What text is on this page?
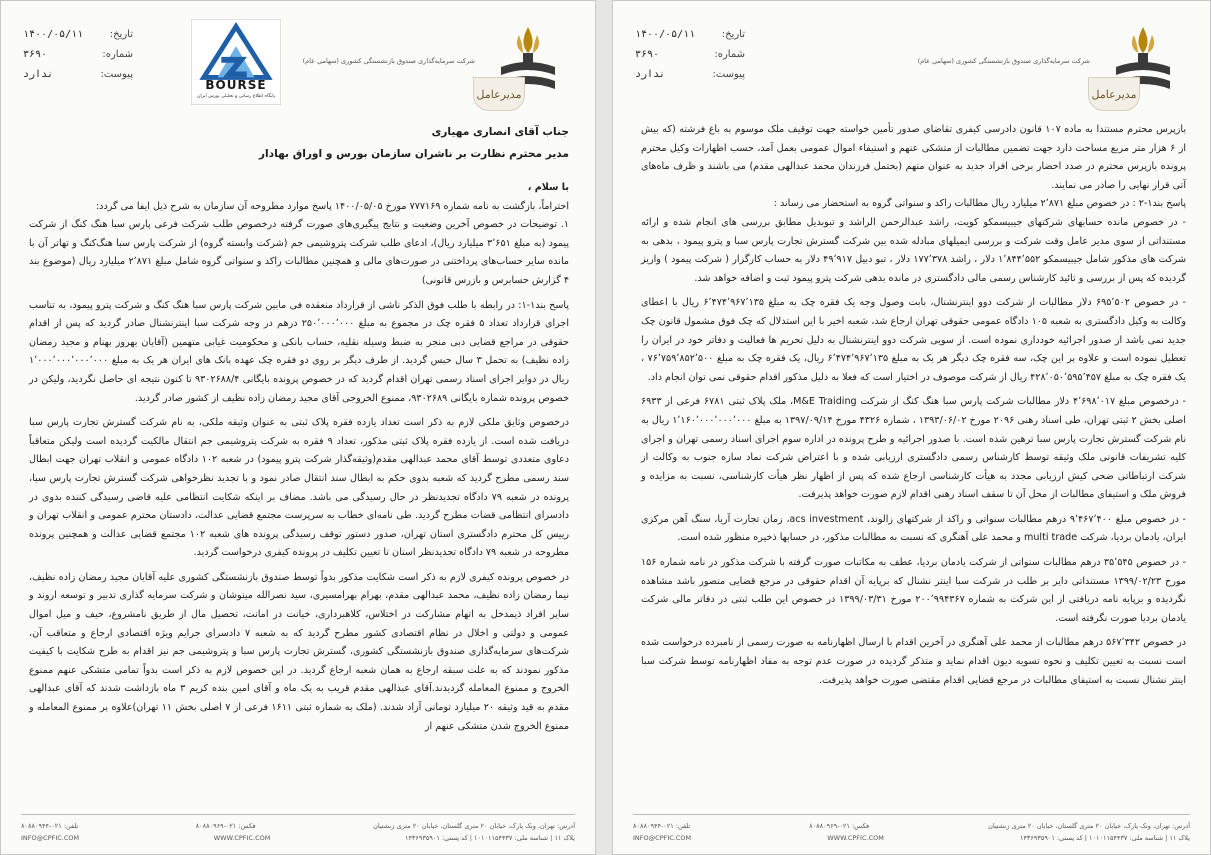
تاریخ:
۱۴۰۰/۰۵/۱۱
شماره:
۳۶۹۰
پیوست:
ندارد
BOURSE
پایگاه اطلاع رسانی و تحلیلی بورس ایران
شرکت سرمایه‌گذاری صندوق بازنشستگی کشوری (سهامی عام)
مدیرعامل

جناب آقای انصاری مهیاری

مدیر محترم نظارت بر ناشران سازمان بورس و اوراق بهادار

با سلام ،

احتراماً، بازگشت به نامه شماره ۷۷۷۱۶۹ مورخ ۱۴۰۰/۰۵/۰۵ پاسخ موارد مطروحه آن سازمان به شرح ذیل ایفا می گردد:

۱. توضیحات در خصوص آخرین وضعیت و نتایج پیگیری‌های صورت گرفته درخصوص طلب شرکت فرعی پارس سبا هنگ کنگ از شرکت پیمود (به مبلغ ۳٬۶۵۱ میلیارد ریال)، ادعای طلب شرکت پتروشیمی جم (شرکت وابسته گروه) از شرکت پارس سبا هنگ‌کنگ و تهاتر آن با مانده سایر حساب‌های پرداختنی در صورت‌های مالی و همچنین مطالبات راکد و سنواتی گروه شامل مبلغ ۲٬۸۷۱ میلیارد ریال (موضوع بند ۴ گزارش حسابرس و بازرس قانونی)

پاسخ بند۱-۱: در رابطه با طلب فوق الذکر ناشی از قرارداد منعقده فی مابین شرکت پارس سبا هنگ کنگ و شرکت پترو پیمود، به تناسب اجرای قرارداد تعداد ۵ فقره چک در مجموع به مبلغ ۲۵۰٬۰۰۰٬۰۰۰ درهم در وجه شرکت سبا اینترنشنال صادر گردید که پس از اقدام حقوقی در مراجع قضایی دبی منجر به ضبط وسیله نقلیه، حساب بانکی و محکومیت غیابی متهمین (آقایان بهروز بهنام و مجید رمضان زاده نظیف) به تحمل ۳ سال حبس گردید. از طرف دیگر بر روی دو فقره چک عهده بانک های ایران هر یک به مبلغ ۱٬۰۰۰٬۰۰۰٬۰۰۰٬۰۰۰ ریال در دوایر اجرای اسناد رسمی تهران اقدام گردید که در خصوص پرونده بایگانی ۹۳۰۲۶۸۸/۴ تا کنون نتیجه ای حاصل نگردید، ولیکن در خصوص پرونده شماره بایگانی ۹۳۰۲۶۸۹، ممنوع الخروجی آقای مجید رمضان زاده نظیف از کشور صادر گردید.

درخصوص وثایق ملکی لازم به ذکر است تعداد یازده فقره پلاک ثبتی به عنوان وثیقه ملکی، به نام شرکت گسترش تجارت پارس سبا دریافت شده است. از یازده فقره پلاک ثبتی مذکور، تعداد ۹ فقره به شرکت پتروشیمی جم انتقال مالکیت گردیده است ولیکن متعاقباً دعاوی متعددی توسط آقای محمد عبدالهی مقدم(وثیقه‌گذار شرکت پترو پیمود) در شعبه ۱۰۲ دادگاه عمومی و انقلاب تهران جهت ابطال سند رسمی مطرح گردید که شعبه بدوی حکم به ابطال سند انتقال صادر نمود و با تجدید نظرخواهی شرکت گسترش تجارت پارس سبا، پرونده در شعبه ۷۹ دادگاه تجدیدنظر در حال رسیدگی می باشد. مضاف بر اینکه شکایت انتظامی علیه قاضی رسیدگی کننده بدوی در دادسرای انتظامی قضات مطرح گردید. طی نامه‌ای خطاب به سرپرست مجتمع قضایی عدالت، دادستان محترم عمومی و انقلاب تهران و رییس کل محترم دادگستری استان تهران، صدور دستور توقف رسیدگی پرونده های شعبه ۱۰۲ مجتمع قضایی عدالت و همچنین پرونده مطروحه در شعبه ۷۹ دادگاه تجدیدنظر استان تا تعیین تکلیف در پرونده کیفری درخواست گردید.

در خصوص پرونده کیفری لازم به ذکر است شکایت مذکور بدواً توسط صندوق بازنشستگی کشوری علیه آقایان مجید رمضان زاده نظیف، نیما رمضان زاده نظیف، محمد عبدالهی مقدم، بهرام بهرامسیری، سید نصرالله مینوشان و شرکت سرمایه گذاری تدبیر و توسعه اروند و سایر افراد ذیمدخل به اتهام مشارکت در اختلاس، کلاهبرداری، خیانت در امانت، تحصیل مال از طریق نامشروع، حیف و میل اموال عمومی و دولتی و اخلال در نظام اقتصادی کشور مطرح گردید که به شعبه ۷ دادسرای جرایم ویژه اقتصادی ارجاع و متعاقب آن، شرکت‌های سرمایه‌گذاری صندوق بازنشستگی کشوری، گسترش تجارت پارس سبا و پتروشیمی جم نیز اقدام به طرح شکایت با کیفیت مذکور نمودند که به علت سبقه ارجاع به همان شعبه ارجاع گردید. در این خصوص لازم به ذکر است بدواً تمامی متشکی عنهم ممنوع الخروج و ممنوع المعامله گردیدند.آقای عبدالهی مقدم قریب به یک ماه و آقای امین بنده کریم ۳ ماه بازداشت شدند که آقای عبدالهی مقدم به قید وثیقه ۲۰ میلیارد تومانی آزاد شدند. (ملک به شماره ثبتی ۱۶۱۱ فرعی از ۷ اصلی بخش ۱۱ تهران)علاوه بر ممنوع المعامله و ممنوع الخروج شدن متشکی عنهم از

آدرس: تهران، ونک پارک، خیابان ۲۰ متری گلستان، خیابان ۲۰ متری زنشتیان
فکس: ۰۲۱-۸۰۸۸۰۹۶۹
تلفن: ۰۲۱-۸۰۸۸۰۹۴۴
پلاک ۱۱ | شناسه ملی: ۱۰۱۰۱۱۵۴۴۳۷ | کد پستی: ۱۴۳۶۹۳۵۹۰۱
WWW.CPFIC.COM
INFO@CPFIC.COM
تاریخ:
۱۴۰۰/۰۵/۱۱
شماره:
۳۶۹۰
پیوست:
ندارد
شرکت سرمایه‌گذاری صندوق بازنشستگی کشوری (سهامی عام)
مدیرعامل

بازپرس محترم مستندا به ماده ۱۰۷ قانون دادرسی کیفری تقاضای صدور تأمین خواسته جهت توقیف ملک موسوم به باغ فرشته (که بیش از ۶ هزار متر مربع مساحت دارد جهت تضمین مطالبات از متشکی عنهم و استیفاء اموال عمومی بعمل آمد، حسب اظهارات وکیل محترم پرونده بازپرس محترم در صدد احضار برخی افراد جدید به عنوان متهم (بحتمل فرزندان محمد عبدالهی مقدم) می باشند و ظرف ماه‌های آتی قرار نهایی را صادر می نمایند.

پاسخ بند۱-۲ : در خصوص مبلغ ۲٬۸۷۱ میلیارد ریال مطالبات راکد و سنواتی گروه به استحضار می رساند :

- در خصوص مانده حسابهای شرکتهای جیبیسمکو کویت، راشد عبدالرحمن الراشد و تبوبدیل مطابق بررسی های انجام شده و ارائه مستنداتی از سوی مدیر عامل وقت شرکت و بررسی ایمیلهای مبادله شده بین شرکت گسترش تجارت پارس سبا و پترو پیمود ، بدهی به شرکت های مذکور شامل جیبیسمکو ۱٬۸۴۴٬۵۵۲ دلار ، راشد ۱۷۷٬۳۷۸ دلار ، تبو دبیل ۴۹٬۹۱۷ دلار به حساب کارگزار ( شرکت پیمود ) واریز گردیده که پس از بررسی و تائید کارشناس رسمی مالی دادگستری در مانده بدهی شرکت پترو پیمود ثبت و اضافه خواهد شد.

- در خصوص ۶۹۵٬۵۰۲ دلار مطالبات از شرکت دوو اینترنشنال، بابت وصول وجه یک فقره چک به مبلغ ۶٬۴۷۴٬۹۶۷٬۱۳۵ ریال با اعطای وکالت به وکیل دادگستری به شعبه ۱۰۵ دادگاه عمومی حقوقی تهران ارجاع شد، شعبه اخیر با این استدلال که چک فوق مشمول قانون چک جدید نمی باشد از صدور اجرائیه خودداری نموده است. از سویی شرکت دوو اینترنشنال به دلیل تحریم ها فعالیت و دفاتر خود در ایران را تعطیل نموده است و علاوه بر این چک، سه فقره چک دیگر هر یک به مبلغ ۶٬۴۷۴٬۹۶۷٬۱۳۵ ریال، یک فقره چک به مبلغ ۷۶٬۷۵۹٬۸۵۲٬۵۰۰ ، یک فقره چک به مبلغ ۴۲۸٬۰۵۰٬۵۹۵٬۴۵۷ ریال از شرکت موصوف در اختیار است که فعلا به دلیل مذکور اقدام حقوقی نمی توان انجام داد.

- درخصوص مبلغ ۴٬۶۹۸٬۰۱۷ دلار مطالبات شرکت پارس سبا هنگ کنگ از شرکت M&E Traiding، ملک پلاک ثبتی ۶۷۸۱ فرعی از ۶۹۳۳ اصلی بخش ۲ ثبتی تهران، طی اسناد رهنی ۲۰۹۶ مورخ ۱۳۹۳/۰۶/۰۲ ، شماره ۴۳۲۶ مورخ ۱۳۹۷/۰۹/۱۴ به مبلغ ۱٬۱۶۰٬۰۰۰٬۰۰۰٬۰۰۰ ریال به نام شرکت گسترش تجارت پارس سبا ترهین شده است. با صدور اجرائیه و طرح پرونده در اداره سوم اجرای اسناد رسمی تهران و اجرای کلیه تشریفات قانونی ملک وثیقه توسط کارشناس رسمی دادگستری ارزیابی شده و با اعتراض شرکت نماد سازه جنوب به وکالت از شرکت ارتباطاتی ضحی کیش ارزیابی مجدد به هیأت کارشناسی ارجاع شده که پس از اظهار نظر هیأت کارشناسی، نسبت به مزایده و فروش ملک و استیفای مطالبات از محل آن تا سقف اسناد رهنی اقدام لازم صورت خواهد پذیرفت.

- در خصوص مبلغ ۹٬۴۶۷٬۴۰۰ درهم مطالبات سنواتی و راکد از شرکتهای زالوند، acs investment، زمان تجارت آریا، سنگ آهن مرکزی ایران، یادمان بردیا، شرکت multi trade و محمد علی آهنگری که نسبت به مطالبات مذکور، در حسابها ذخیره منظور شده است.

- در خصوص ۳۵٬۵۴۵ درهم مطالبات سنواتی از شرکت یادمان بردیا، عطف به مکاتبات صورت گرفته با شرکت مذکور در نامه شماره ۱۵۶ مورخ ۱۳۹۹/۰۲/۲۳ مستنداتی دایر بر طلب در شرکت سبا اینتر نشنال که برپایه آن اقدام حقوقی در مرجع قضایی متصور باشد مشاهده نگردیده و برپایه نامه دریافتی از این شرکت به شماره ۲۰۰٬۹۹۴۳۶۷ مورخ ۱۳۹۹/۰۳/۳۱ در خصوص این طلب ثبتی در دفاتر مالی شرکت یادمان بردیا صورت نگرفته است.

در خصوص ۵۶۷٬۳۴۲ درهم مطالبات از محمد علی آهنگری در آخرین اقدام با ارسال اظهارنامه به صورت رسمی از نامبرده درخواست شده است نسبت به تعیین تکلیف و نحوه تسویه دیون اقدام نماید و متذکر گردیده در صورت عدم توجه به مفاد اظهارنامه توسط شرکت سبا اینتر نشنال نسبت به استیفای مطالبات در مرجع قضایی اقدام مقتضی صورت خواهد پذیرفت.

آدرس: تهران، ونک پارک، خیابان ۲۰ متری گلستان، خیابان ۲۰ متری زنشتیان
فکس: ۰۲۱-۸۰۸۸۰۹۶۹
تلفن: ۰۲۱-۸۰۸۸۰۹۴۴
پلاک ۱۱ | شناسه ملی: ۱۰۱۰۱۱۵۴۴۳۷ | کد پستی: ۱۴۳۶۹۳۵۹۰۱
WWW.CPFIC.COM
INFO@CPFIC.COM
